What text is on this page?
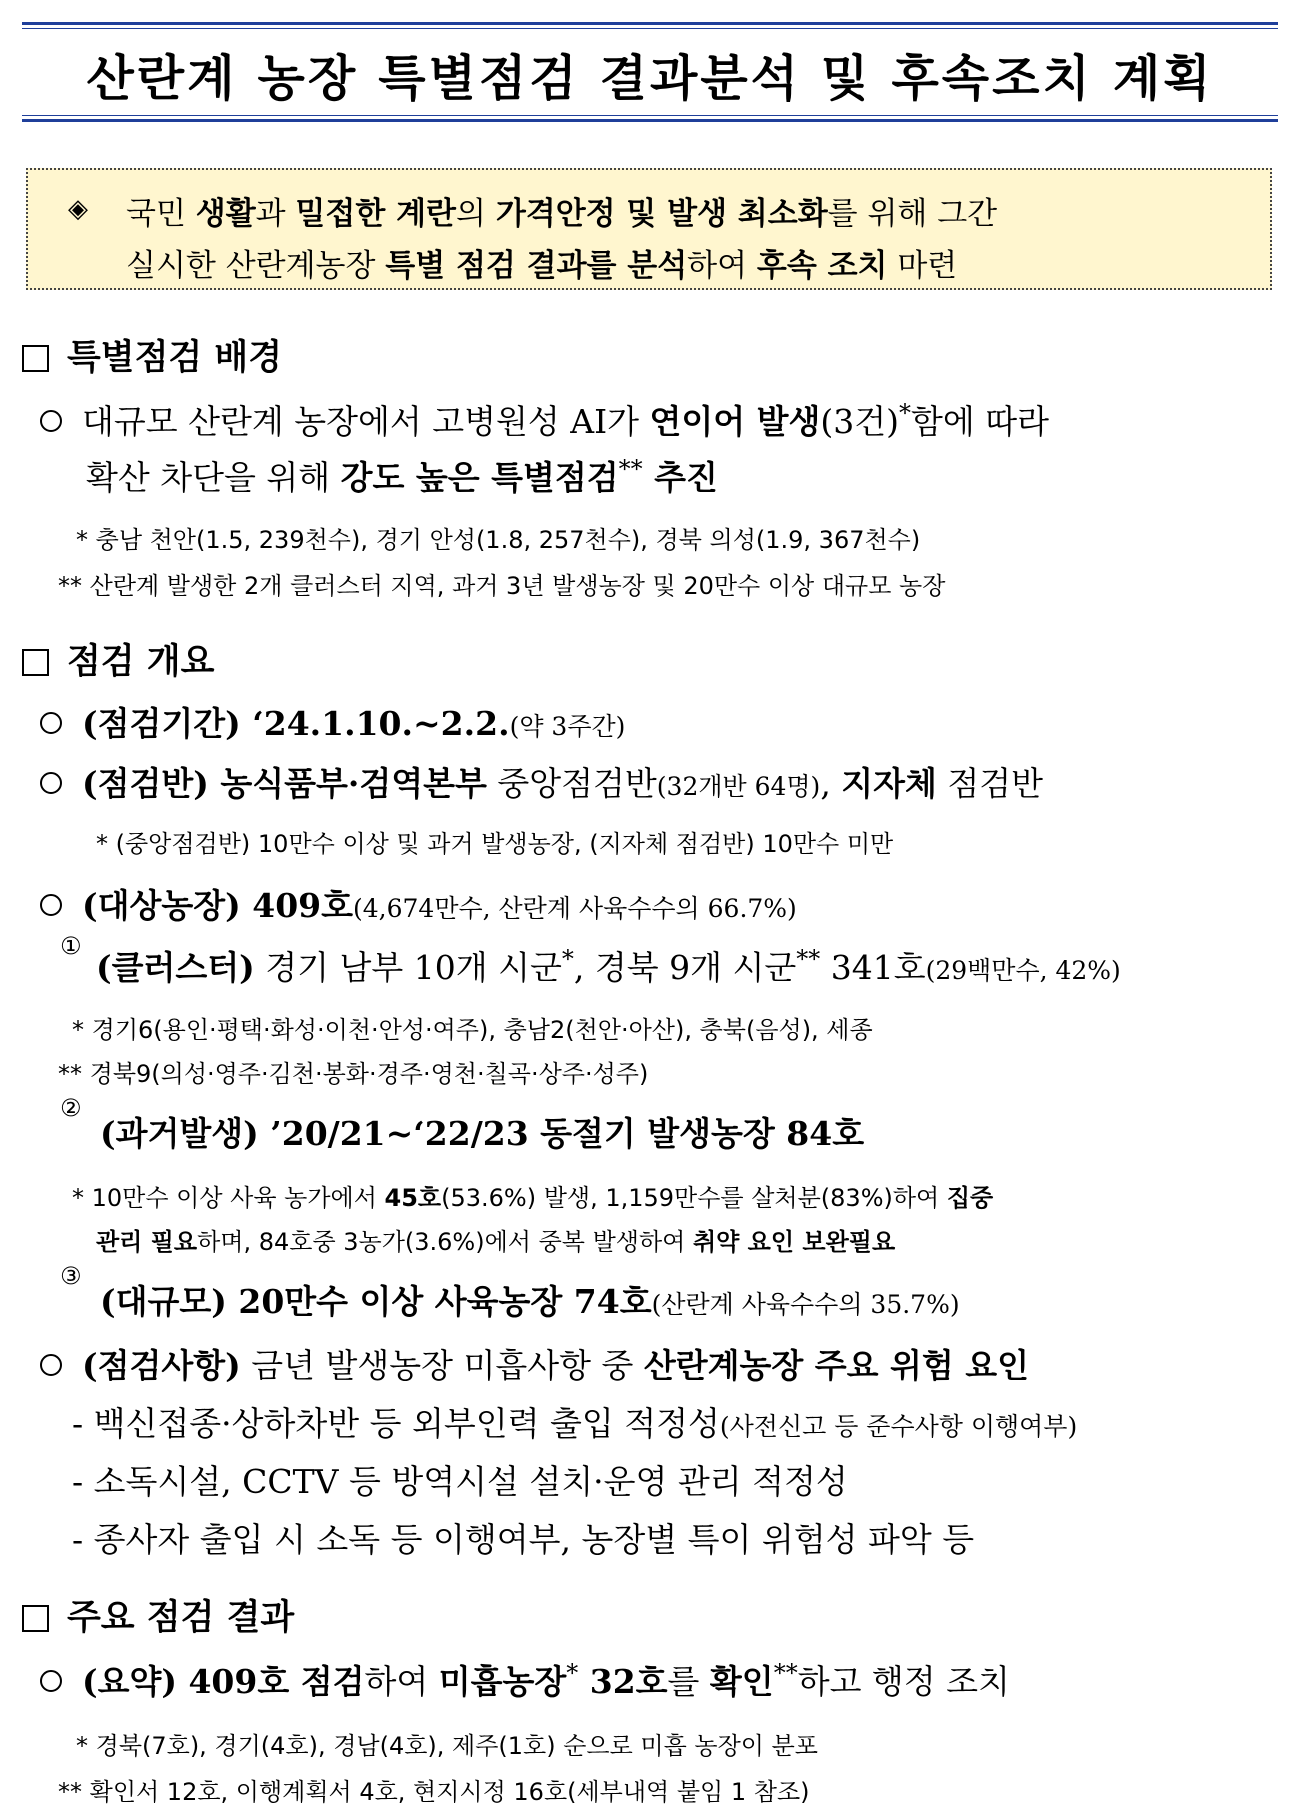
산란계 농장 특별점검 결과분석 및 후속조치 계획
◈ 국민 생활과 밀접한 계란의 가격안정 및 발생 최소화를 위해 그간
실시한 산란계농장 특별 점검 결과를 분석하여 후속 조치 마련
특별점검 배경
대규모 산란계 농장에서 고병원성 AI가 연이어 발생(3건)*함에 따라
확산 차단을 위해 강도 높은 특별점검** 추진
* 충남 천안(1.5, 239천수), 경기 안성(1.8, 257천수), 경북 의성(1.9, 367천수)
** 산란계 발생한 2개 클러스터 지역, 과거 3년 발생농장 및 20만수 이상 대규모 농장
점검 개요
(점검기간) ‘24.1.10.~2.2.(약 3주간)
(점검반) 농식품부·검역본부 중앙점검반(32개반 64명), 지자체 점검반
* (중앙점검반) 10만수 이상 및 과거 발생농장, (지자체 점검반) 10만수 미만
(대상농장) 409호(4,674만수, 산란계 사육수수의 66.7%)
①
(클러스터) 경기 남부 10개 시군*, 경북 9개 시군** 341호(29백만수, 42%)
* 경기6(용인·평택·화성·이천·안성·여주), 충남2(천안·아산), 충북(음성), 세종
** 경북9(의성·영주·김천·봉화·경주·영천·칠곡·상주·성주)
②
(과거발생) ’20/21~‘22/23 동절기 발생농장 84호
* 10만수 이상 사육 농가에서 45호(53.6%) 발생, 1,159만수를 살처분(83%)하여 집중
관리 필요하며, 84호중 3농가(3.6%)에서 중복 발생하여 취약 요인 보완필요
③
(대규모) 20만수 이상 사육농장 74호(산란계 사육수수의 35.7%)
(점검사항) 금년 발생농장 미흡사항 중 산란계농장 주요 위험 요인
- 백신접종·상하차반 등 외부인력 출입 적정성(사전신고 등 준수사항 이행여부)
- 소독시설, CCTV 등 방역시설 설치·운영 관리 적정성
- 종사자 출입 시 소독 등 이행여부, 농장별 특이 위험성 파악 등
주요 점검 결과
(요약) 409호 점검하여 미흡농장* 32호를 확인**하고 행정 조치
* 경북(7호), 경기(4호), 경남(4호), 제주(1호) 순으로 미흡 농장이 분포
** 확인서 12호, 이행계획서 4호, 현지시정 16호(세부내역 붙임 1 참조)
